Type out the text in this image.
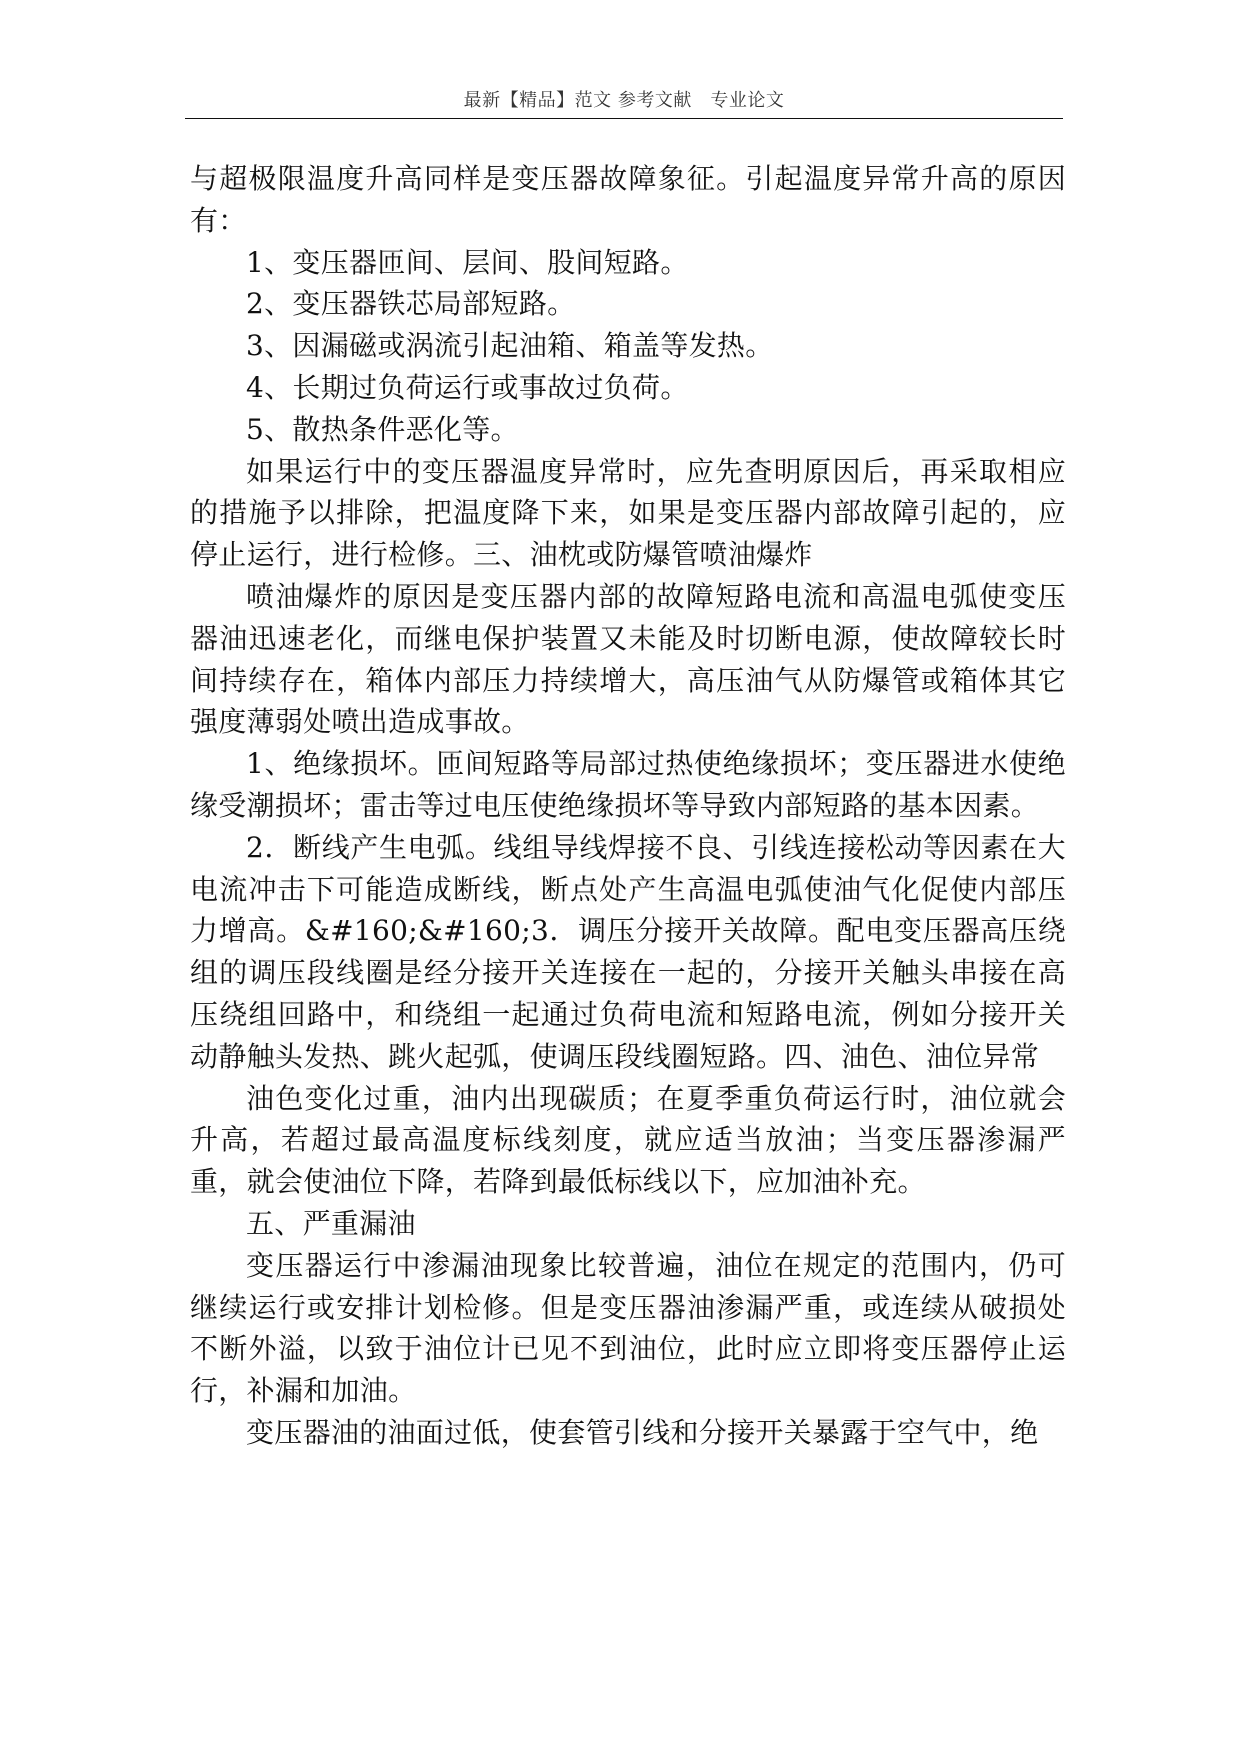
最新【精品】范文 参考文献　专业论文

与超极限温度升高同样是变压器故障象征。引起温度异常升高的原因有：

1、变压器匝间、层间、股间短路。

2、变压器铁芯局部短路。

3、因漏磁或涡流引起油箱、箱盖等发热。

4、长期过负荷运行或事故过负荷。

5、散热条件恶化等。

如果运行中的变压器温度异常时，应先查明原因后，再采取相应的措施予以排除，把温度降下来，如果是变压器内部故障引起的，应停止运行，进行检修。三、油枕或防爆管喷油爆炸

喷油爆炸的原因是变压器内部的故障短路电流和高温电弧使变压器油迅速老化，而继电保护装置又未能及时切断电源，使故障较长时间持续存在，箱体内部压力持续增大，高压油气从防爆管或箱体其它强度薄弱处喷出造成事故。

1、绝缘损坏。匝间短路等局部过热使绝缘损坏；变压器进水使绝缘受潮损坏；雷击等过电压使绝缘损坏等导致内部短路的基本因素。

2．断线产生电弧。线组导线焊接不良、引线连接松动等因素在大电流冲击下可能造成断线，断点处产生高温电弧使油气化促使内部压力增高。&#160;&#160;3．调压分接开关故障。配电变压器高压绕组的调压段线圈是经分接开关连接在一起的，分接开关触头串接在高压绕组回路中，和绕组一起通过负荷电流和短路电流，例如分接开关动静触头发热、跳火起弧，使调压段线圈短路。四、油色、油位异常

油色变化过重，油内出现碳质；在夏季重负荷运行时，油位就会升高，若超过最高温度标线刻度，就应适当放油；当变压器渗漏严重，就会使油位下降，若降到最低标线以下，应加油补充。

五、严重漏油

变压器运行中渗漏油现象比较普遍，油位在规定的范围内，仍可继续运行或安排计划检修。但是变压器油渗漏严重，或连续从破损处不断外溢，以致于油位计已见不到油位，此时应立即将变压器停止运行，补漏和加油。

变压器油的油面过低，使套管引线和分接开关暴露于空气中，绝
